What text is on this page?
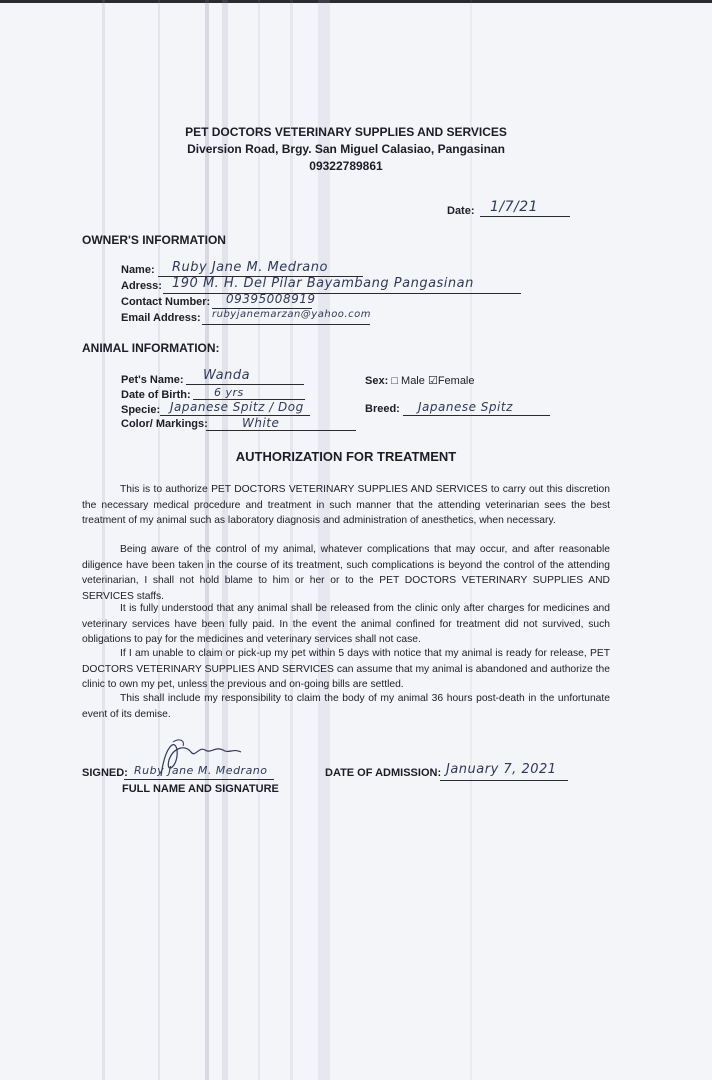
PET DOCTORS VETERINARY SUPPLIES AND SERVICES
Diversion Road, Brgy. San Miguel Calasiao, Pangasinan
09322789861
Date: 1/7/21
OWNER'S INFORMATION
Name: Ruby Jane M. Medrano
Adress: 190 M. H. Del Pilar Bayambang Pangasinan
Contact Number: 09395008919
Email Address: rubyjanemarzan@yahoo.com
ANIMAL INFORMATION:
Pet's Name: Wanda
Date of Birth: 6 yrs
Specie: Japanese Spitz / Dog
Color/ Markings:	White
Sex: □ Male ☑Female
Breed: Japanese Spitz
AUTHORIZATION FOR TREATMENT

This is to authorize PET DOCTORS VETERINARY SUPPLIES AND SERVICES to carry out this discretion the necessary medical procedure and treatment in such manner that the attending veterinarian sees the best treatment of my animal such as laboratory diagnosis and administration of anesthetics, when necessary.

Being aware of the control of my animal, whatever complications that may occur, and after reasonable diligence have been taken in the course of its treatment, such complications is beyond the control of the attending veterinarian, I shall not hold blame to him or her or to the PET DOCTORS VETERINARY SUPPLIES AND SERVICES staffs.

It is fully understood that any animal shall be released from the clinic only after charges for medicines and veterinary services have been fully paid. In the event the animal confined for treatment did not survived, such obligations to pay for the medicines and veterinary services shall not case.

If I am unable to claim or pick-up my pet within 5 days with notice that my animal is ready for release, PET DOCTORS VETERINARY SUPPLIES AND SERVICES can assume that my animal is abandoned and authorize the clinic to own my pet, unless the previous and on-going bills are settled.

This shall include my responsibility to claim the body of my animal 36 hours post-death in the unfortunate event of its demise.

SIGNED: Ruby Jane M. Medrano
FULL NAME AND SIGNATURE
DATE OF ADMISSION: January 7, 2021
